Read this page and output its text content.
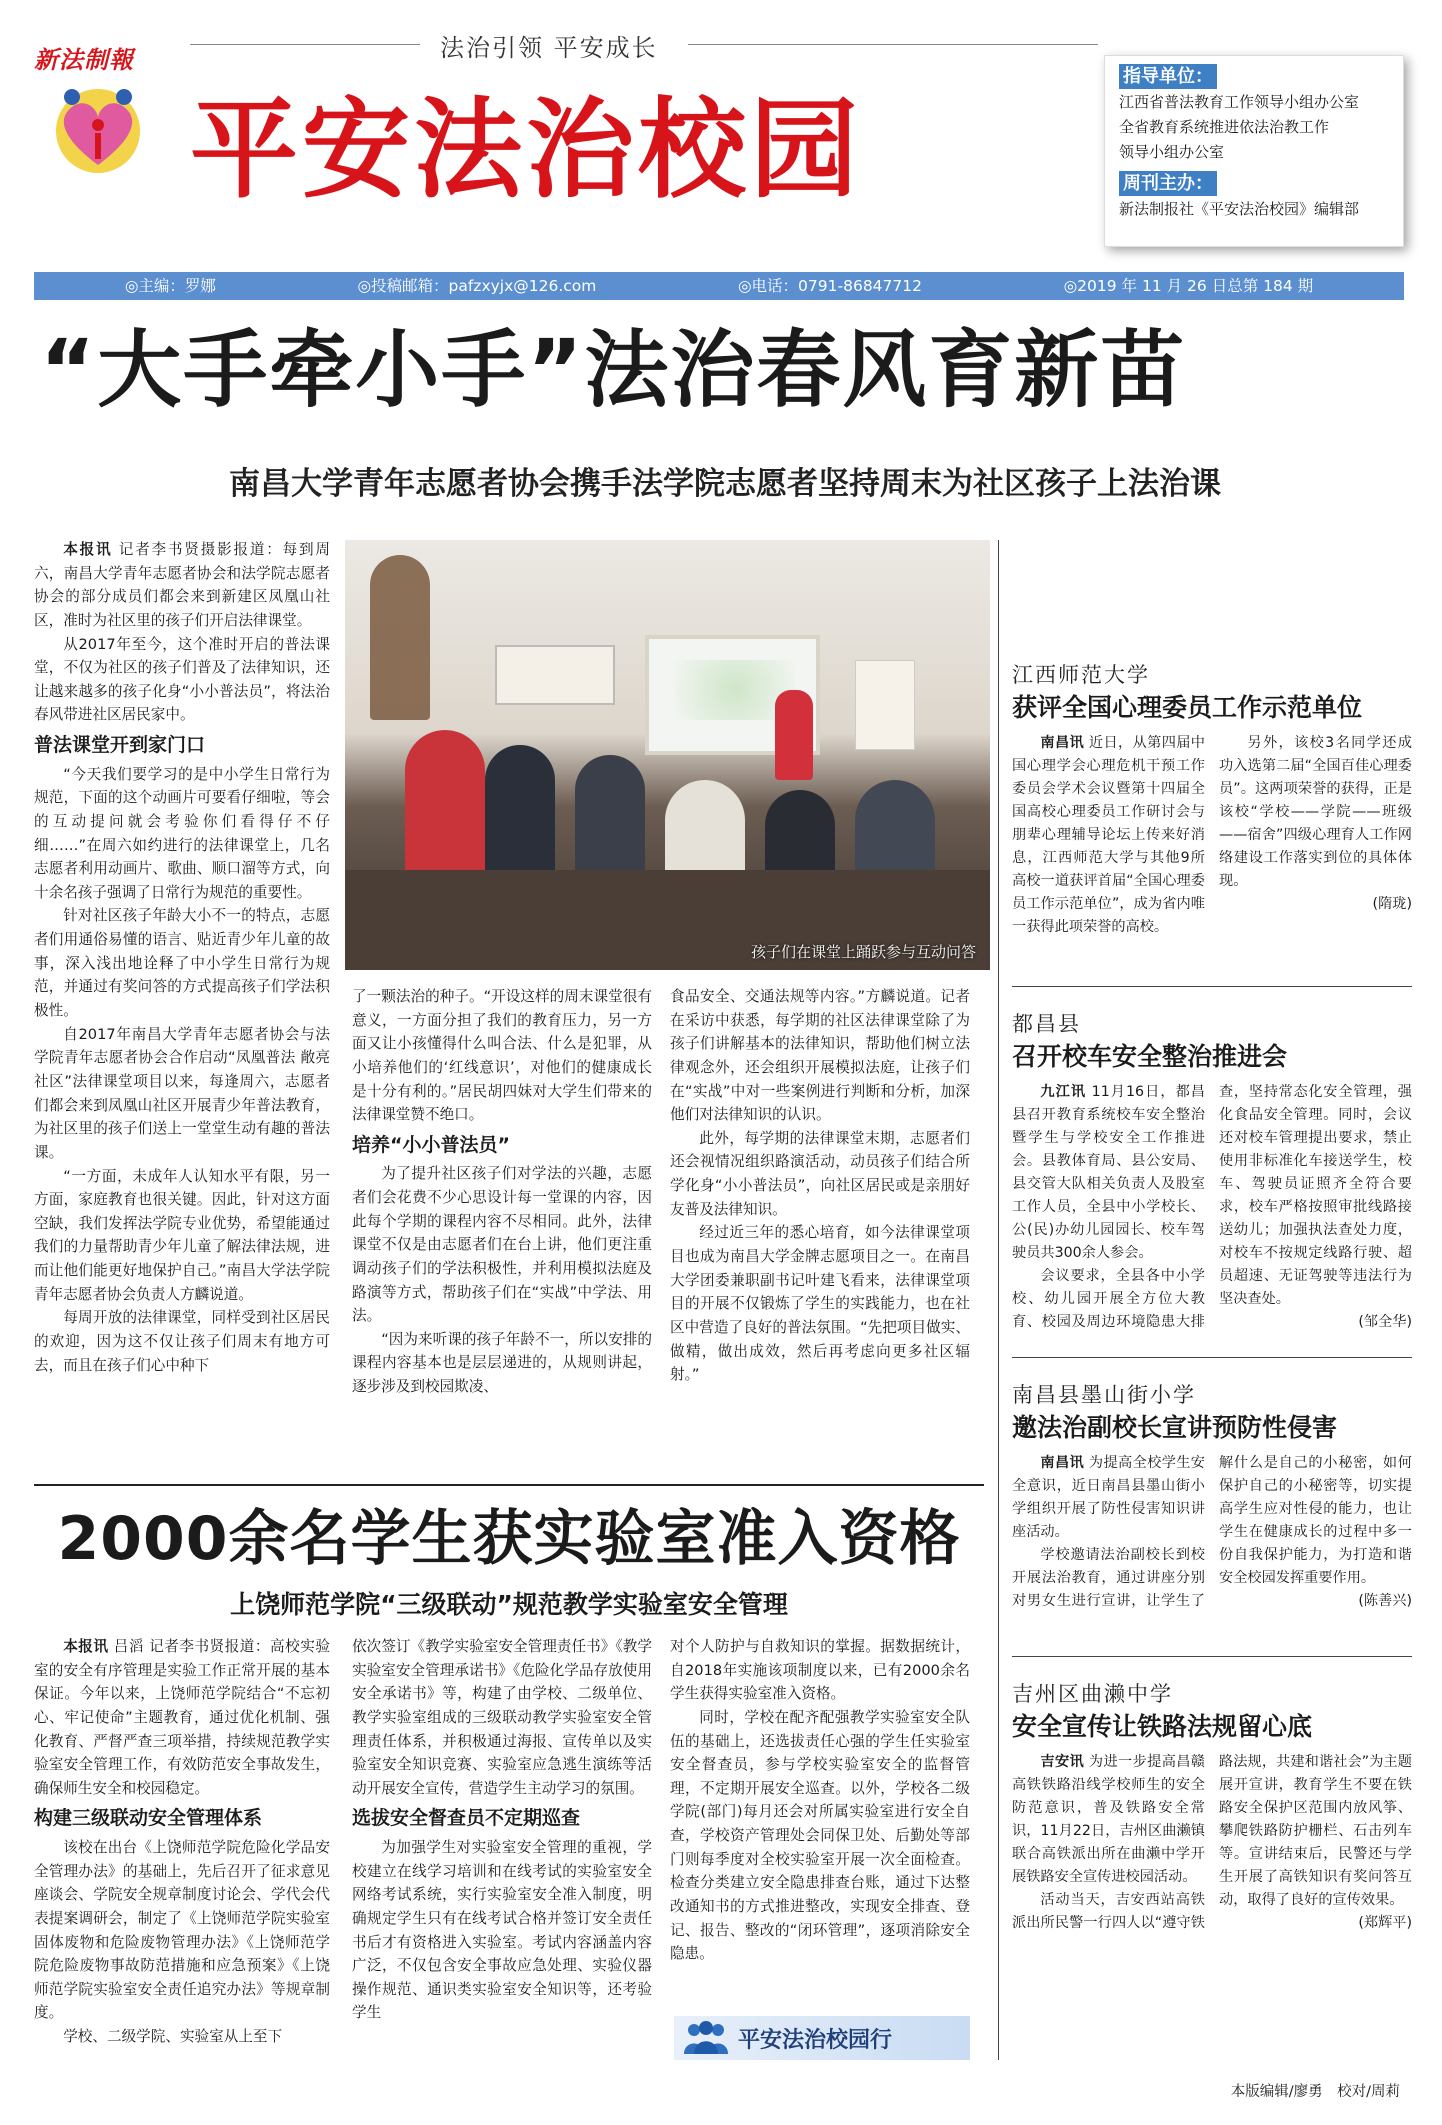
新法制報	法治引领 平安成长
平安法治校园
指导单位：
江西省普法教育工作领导小组办公室
全省教育系统推进依法治教工作
领导小组办公室
周刊主办：
新法制报社《平安法治校园》编辑部
◎主编：罗娜	◎投稿邮箱：pafzxyjx@126.com	◎电话：0791-86847712	◎2019 年 11 月 26 日总第 184 期
“大手牵小手”法治春风育新苗
南昌大学青年志愿者协会携手法学院志愿者坚持周末为社区孩子上法治课
孩子们在课堂上踊跃参与互动问答

本报讯 记者李书贤摄影报道：每到周六，南昌大学青年志愿者协会和法学院志愿者协会的部分成员们都会来到新建区凤凰山社区，准时为社区里的孩子们开启法律课堂。

从2017年至今，这个准时开启的普法课堂，不仅为社区的孩子们普及了法律知识，还让越来越多的孩子化身“小小普法员”，将法治春风带进社区居民家中。

普法课堂开到家门口

“今天我们要学习的是中小学生日常行为规范，下面的这个动画片可要看仔细啦，等会的互动提问就会考验你们看得仔不仔细……”在周六如约进行的法律课堂上，几名志愿者利用动画片、歌曲、顺口溜等方式，向十余名孩子强调了日常行为规范的重要性。

针对社区孩子年龄大小不一的特点，志愿者们用通俗易懂的语言、贴近青少年儿童的故事，深入浅出地诠释了中小学生日常行为规范，并通过有奖问答的方式提高孩子们学法积极性。

自2017年南昌大学青年志愿者协会与法学院青年志愿者协会合作启动“凤凰普法 敞亮社区”法律课堂项目以来，每逢周六，志愿者们都会来到凤凰山社区开展青少年普法教育，为社区里的孩子们送上一堂堂生动有趣的普法课。

“一方面，未成年人认知水平有限，另一方面，家庭教育也很关键。因此，针对这方面空缺，我们发挥法学院专业优势，希望能通过我们的力量帮助青少年儿童了解法律法规，进而让他们能更好地保护自己。”南昌大学法学院青年志愿者协会负责人方麟说道。

每周开放的法律课堂，同样受到社区居民的欢迎，因为这不仅让孩子们周末有地方可去，而且在孩子们心中种下

了一颗法治的种子。“开设这样的周末课堂很有意义，一方面分担了我们的教育压力，另一方面又让小孩懂得什么叫合法、什么是犯罪，从小培养他们的‘红线意识’，对他们的健康成长是十分有利的。”居民胡四妹对大学生们带来的法律课堂赞不绝口。

培养“小小普法员”

为了提升社区孩子们对学法的兴趣，志愿者们会花费不少心思设计每一堂课的内容，因此每个学期的课程内容不尽相同。此外，法律课堂不仅是由志愿者们在台上讲，他们更注重调动孩子们的学法积极性，并利用模拟法庭及路演等方式，帮助孩子们在“实战”中学法、用法。

“因为来听课的孩子年龄不一，所以安排的课程内容基本也是层层递进的，从规则讲起，逐步涉及到校园欺凌、

食品安全、交通法规等内容。”方麟说道。记者在采访中获悉，每学期的社区法律课堂除了为孩子们讲解基本的法律知识，帮助他们树立法律观念外，还会组织开展模拟法庭，让孩子们在“实战”中对一些案例进行判断和分析，加深他们对法律知识的认识。

此外，每学期的法律课堂末期，志愿者们还会视情况组织路演活动，动员孩子们结合所学化身“小小普法员”，向社区居民或是亲朋好友普及法律知识。

经过近三年的悉心培育，如今法律课堂项目也成为南昌大学金牌志愿项目之一。在南昌大学团委兼职副书记叶建飞看来，法律课堂项目的开展不仅锻炼了学生的实践能力，也在社区中营造了良好的普法氛围。“先把项目做实、做精，做出成效，然后再考虑向更多社区辐射。”

2000余名学生获实验室准入资格
上饶师范学院“三级联动”规范教学实验室安全管理

本报讯 吕滔 记者李书贤报道：高校实验室的安全有序管理是实验工作正常开展的基本保证。今年以来，上饶师范学院结合“不忘初心、牢记使命”主题教育，通过优化机制、强化教育、严督严查三项举措，持续规范教学实验室安全管理工作，有效防范安全事故发生，确保师生安全和校园稳定。

构建三级联动安全管理体系

该校在出台《上饶师范学院危险化学品安全管理办法》的基础上，先后召开了征求意见座谈会、学院安全规章制度讨论会、学代会代表提案调研会，制定了《上饶师范学院实验室固体废物和危险废物管理办法》《上饶师范学院危险废物事故防范措施和应急预案》《上饶师范学院实验室安全责任追究办法》等规章制度。

学校、二级学院、实验室从上至下

依次签订《教学实验室安全管理责任书》《教学实验室安全管理承诺书》《危险化学品存放使用安全承诺书》等，构建了由学校、二级单位、教学实验室组成的三级联动教学实验室安全管理责任体系，并积极通过海报、宣传单以及实验室安全知识竞赛、实验室应急逃生演练等活动开展安全宣传，营造学生主动学习的氛围。

选拔安全督查员不定期巡查

为加强学生对实验室安全管理的重视，学校建立在线学习培训和在线考试的实验室安全网络考试系统，实行实验室安全准入制度，明确规定学生只有在线考试合格并签订安全责任书后才有资格进入实验室。考试内容涵盖内容广泛，不仅包含安全事故应急处理、实验仪器操作规范、通识类实验室安全知识等，还考验学生

对个人防护与自救知识的掌握。据数据统计，自2018年实施该项制度以来，已有2000余名学生获得实验室准入资格。

同时，学校在配齐配强教学实验室安全队伍的基础上，还选拔责任心强的学生任实验室安全督查员，参与学校实验室安全的监督管理，不定期开展安全巡查。以外，学校各二级学院(部门)每月还会对所属实验室进行安全自查，学校资产管理处会同保卫处、后勤处等部门则每季度对全校实验室开展一次全面检查。检查分类建立安全隐患排查台账，通过下达整改通知书的方式推进整改，实现安全排查、登记、报告、整改的“闭环管理”，逐项消除安全隐患。

平安法治校园行
江西师范大学
获评全国心理委员工作示范单位

南昌讯 近日，从第四届中国心理学会心理危机干预工作委员会学术会议暨第十四届全国高校心理委员工作研讨会与朋辈心理辅导论坛上传来好消息，江西师范大学与其他9所高校一道获评首届“全国心理委员工作示范单位”，成为省内唯一获得此项荣誉的高校。

另外，该校3名同学还成功入选第二届“全国百佳心理委员”。这两项荣誉的获得，正是该校“学校——学院——班级——宿舍”四级心理育人工作网络建设工作落实到位的具体体现。

(隋珑)

都昌县
召开校车安全整治推进会

九江讯 11月16日，都昌县召开教育系统校车安全整治暨学生与学校安全工作推进会。县教体育局、县公安局、县交管大队相关负责人及股室工作人员，全县中小学校长、公(民)办幼儿园园长、校车驾驶员共300余人参会。

会议要求，全县各中小学校、幼儿园开展全方位大教育、校园及周边环境隐患大排查，坚持常态化安全管理，强化食品安全管理。同时，会议还对校车管理提出要求，禁止使用非标准化车接送学生，校车、驾驶员证照齐全符合要求，校车严格按照审批线路接送幼儿；加强执法查处力度，对校车不按规定线路行驶、超员超速、无证驾驶等违法行为坚决查处。

(邹全华)

南昌县墨山街小学
邀法治副校长宣讲预防性侵害

南昌讯 为提高全校学生安全意识，近日南昌县墨山街小学组织开展了防性侵害知识讲座活动。

学校邀请法治副校长到校开展法治教育，通过讲座分别对男女生进行宣讲，让学生了解什么是自己的小秘密，如何保护自己的小秘密等，切实提高学生应对性侵的能力，也让学生在健康成长的过程中多一份自我保护能力，为打造和谐安全校园发挥重要作用。

(陈善兴)

吉州区曲濑中学
安全宣传让铁路法规留心底

吉安讯 为进一步提高昌赣高铁铁路沿线学校师生的安全防范意识，普及铁路安全常识，11月22日，吉州区曲濑镇联合高铁派出所在曲濑中学开展铁路安全宣传进校园活动。

活动当天，吉安西站高铁派出所民警一行四人以“遵守铁路法规，共建和谐社会”为主题展开宣讲，教育学生不要在铁路安全保护区范围内放风筝、攀爬铁路防护栅栏、石击列车等。宣讲结束后，民警还与学生开展了高铁知识有奖问答互动，取得了良好的宣传效果。

(郑辉平)

本版编辑/廖勇　校对/周莉
